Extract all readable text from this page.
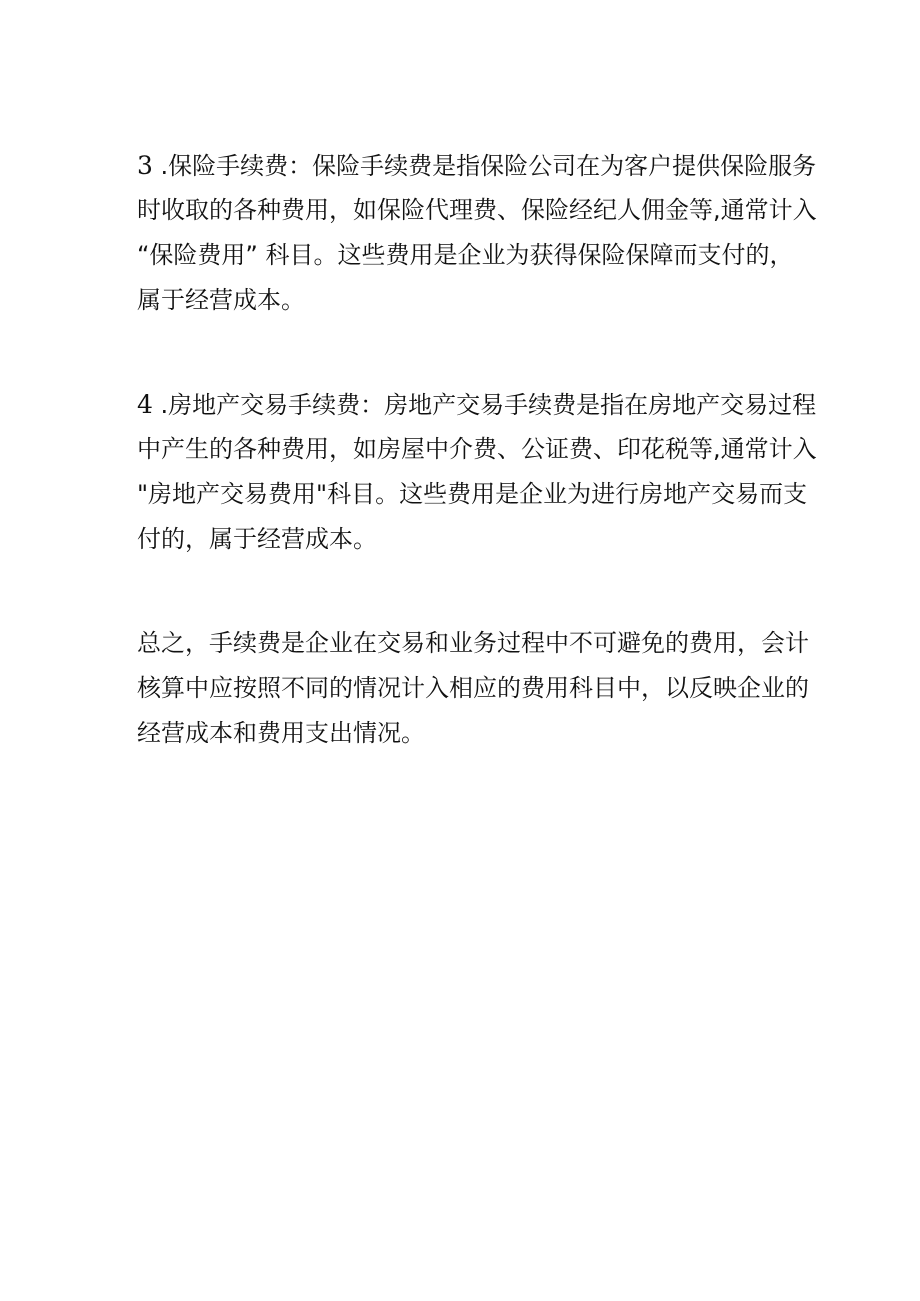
3 .保险手续费：保险手续费是指保险公司在为客户提供保险服务
时收取的各种费用，如保险代理费、保险经纪人佣金等,通常计入
“保险费用” 科目。这些费用是企业为获得保险保障而支付的，
属于经营成本。

4 .房地产交易手续费：房地产交易手续费是指在房地产交易过程
中产生的各种费用，如房屋中介费、公证费、印花税等,通常计入
"房地产交易费用"科目。这些费用是企业为进行房地产交易而支
付的，属于经营成本。

总之，手续费是企业在交易和业务过程中不可避免的费用，会计
核算中应按照不同的情况计入相应的费用科目中，以反映企业的
经营成本和费用支出情况。
